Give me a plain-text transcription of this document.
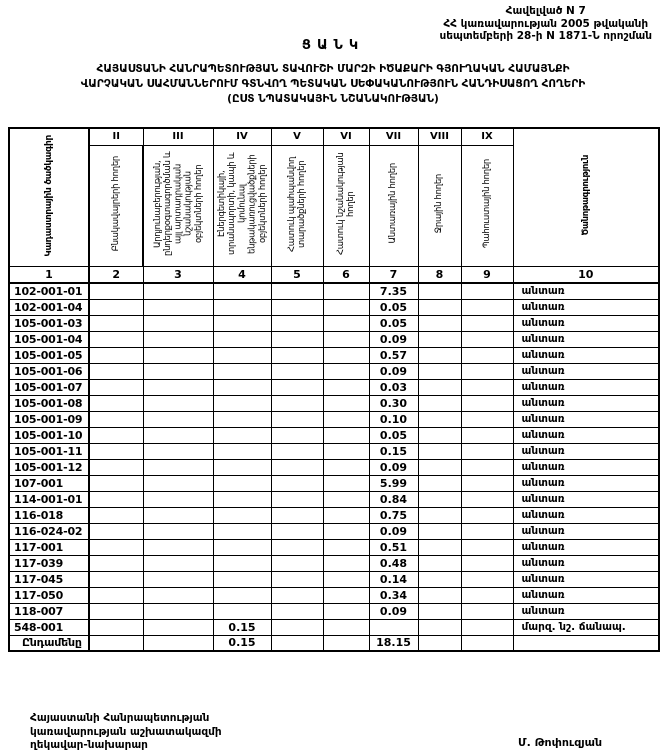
Հավելված N 7
ՀՀ կառավարության 2005 թվականի
սեպտեմբերի 28-ի N 1871-Ն որոշման
ՑԱՆԿ
ՀԱՅԱՍՏԱՆԻ ՀԱՆՐԱՊԵՏՈՒԹՅԱՆ ՏԱՎՈՒՇԻ ՄԱՐԶԻ ԻԾԱՔԱՐԻ ԳՅՈՒՂԱԿԱՆ ՀԱՄԱՅՆՔԻ
ՎԱՐՉԱԿԱՆ ՍԱՀՄԱՆՆԵՐՈՒՄ ԳՏՆՎՈՂ ՊԵՏԱԿԱՆ ՍԵՓԱԿԱՆՈՒԹՅՈՒՆ ՀԱՆԴԻՍԱՑՈՂ ՀՈՂԵՐԻ
(ԸՍՏ ՆՊԱՏԱԿԱՅԻՆ ՆՇԱՆԱԿՈՒԹՅԱՆ)
Կադաստրային ծածկագիր	II	III	IV	V	VI	VII	VIII	IX	Ծանոթագրություն
	Բնակավայրերի հողեր	Արդյունաբերության, ընդերքօգտագործման և այլ արտադրական նշանակության օբյեկտների հողեր	Էներգետիկայի, տրանսպորտի, կապի և կոմունալ ենթակառուցվածքների օբյեկտների հողեր	Հատուկ պահպանվող տարածքների հողեր	Հատուկ նշանակության հողեր	Անտառային հողեր	Ջրային հողեր	Պահուստային հողեր	
1	2	3	4	5	6	7	8	9	10
102-001-01						7.35			անտառ
102-001-04						0.05			անտառ
105-001-03						0.05			անտառ
105-001-04						0.09			անտառ
105-001-05						0.57			անտառ
105-001-06						0.09			անտառ
105-001-07						0.03			անտառ
105-001-08						0.30			անտառ
105-001-09						0.10			անտառ
105-001-10						0.05			անտառ
105-001-11						0.15			անտառ
105-001-12						0.09			անտառ
107-001						5.99			անտառ
114-001-01						0.84			անտառ
116-018						0.75			անտառ
116-024-02						0.09			անտառ
117-001						0.51			անտառ
117-039						0.48			անտառ
117-045						0.14			անտառ
117-050						0.34			անտառ
118-007						0.09			անտառ
548-001			0.15						մարզ. նշ. ճանապ.
Ընդամենը			0.15			18.15			
Հայաստանի Հանրապետության
կառավարության աշխատակազմի
ղեկավար-նախարար	Մ. Թոփուզյան
